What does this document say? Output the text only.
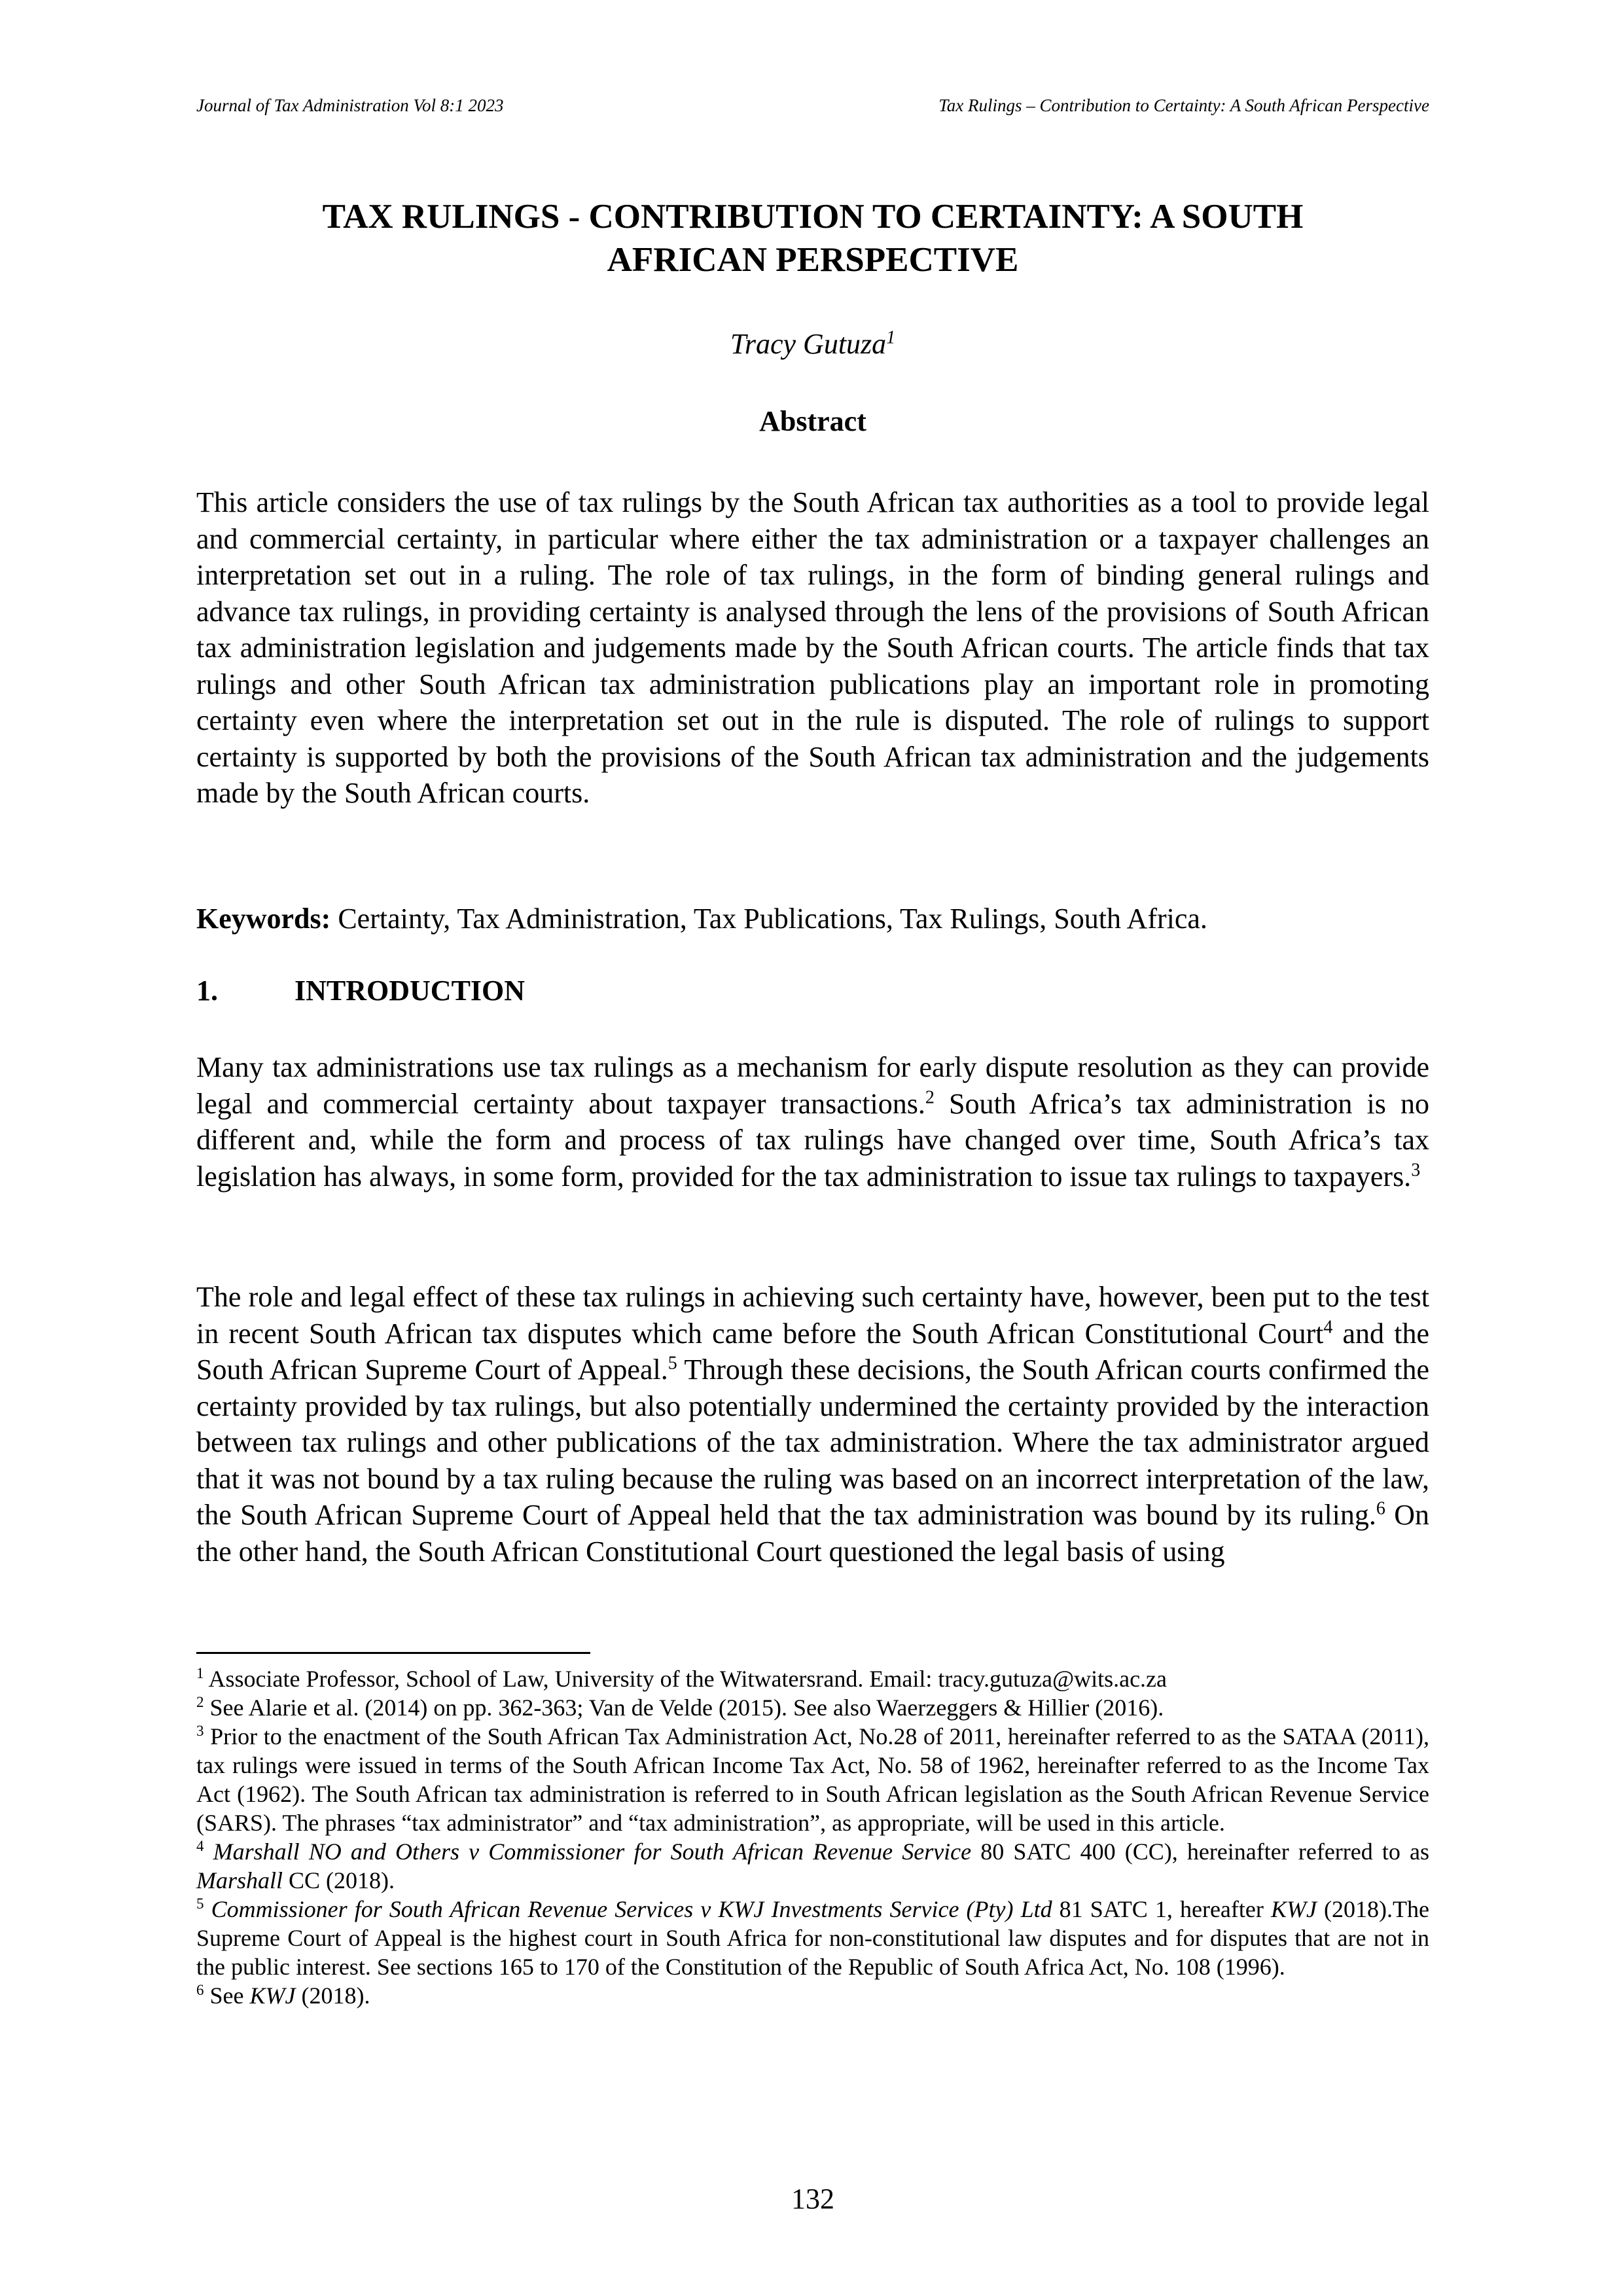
Journal of Tax Administration Vol 8:1 2023	Tax Rulings – Contribution to Certainty: A South African Perspective
TAX RULINGS - CONTRIBUTION TO CERTAINTY: A SOUTH
AFRICAN PERSPECTIVE
Tracy Gutuza$^1$
Abstract

This article considers the use of tax rulings by the South African tax authorities as a tool to provide legal and commercial certainty, in particular where either the tax administration or a taxpayer challenges an interpretation set out in a ruling. The role of tax rulings, in the form of binding general rulings and advance tax rulings, in providing certainty is analysed through the lens of the provisions of South African tax administration legislation and judgements made by the South African courts. The article finds that tax rulings and other South African tax administration publications play an important role in promoting certainty even where the interpretation set out in the rule is disputed. The role of rulings to support certainty is supported by both the provisions of the South African tax administration and the judgements made by the South African courts.

Keywords: Certainty, Tax Administration, Tax Publications, Tax Rulings, South Africa.

1.	INTRODUCTION

Many tax administrations use tax rulings as a mechanism for early dispute resolution as they can provide legal and commercial certainty about taxpayer transactions.$^2$ South Africa’s tax administration is no different and, while the form and process of tax rulings have changed over time, South Africa’s tax legislation has always, in some form, provided for the tax administration to issue tax rulings to taxpayers.$^3$

The role and legal effect of these tax rulings in achieving such certainty have, however, been put to the test in recent South African tax disputes which came before the South African Constitutional Court$^4$ and the South African Supreme Court of Appeal.$^5$ Through these decisions, the South African courts confirmed the certainty provided by tax rulings, but also potentially undermined the certainty provided by the interaction between tax rulings and other publications of the tax administration. Where the tax administrator argued that it was not bound by a tax ruling because the ruling was based on an incorrect interpretation of the law, the South African Supreme Court of Appeal held that the tax administration was bound by its ruling.$^6$ On the other hand, the South African Constitutional Court questioned the legal basis of using

$^1$ Associate Professor, School of Law, University of the Witwatersrand. Email: tracy.gutuza@wits.ac.za

$^2$ See Alarie et al. (2014) on pp. 362-363; Van de Velde (2015). See also Waerzeggers & Hillier (2016).

$^3$ Prior to the enactment of the South African Tax Administration Act, No.28 of 2011, hereinafter referred to as the SATAA (2011), tax rulings were issued in terms of the South African Income Tax Act, No. 58 of 1962, hereinafter referred to as the Income Tax Act (1962). The South African tax administration is referred to in South African legislation as the South African Revenue Service (SARS). The phrases “tax administrator” and “tax administration”, as appropriate, will be used in this article.

$^4$ Marshall NO and Others v Commissioner for South African Revenue Service 80 SATC 400 (CC), hereinafter referred to as Marshall CC (2018).

$^5$ Commissioner for South African Revenue Services v KWJ Investments Service (Pty) Ltd 81 SATC 1, hereafter KWJ (2018).The Supreme Court of Appeal is the highest court in South Africa for non-constitutional law disputes and for disputes that are not in the public interest. See sections 165 to 170 of the Constitution of the Republic of South Africa Act, No. 108 (1996).

$^6$ See KWJ (2018).

132
